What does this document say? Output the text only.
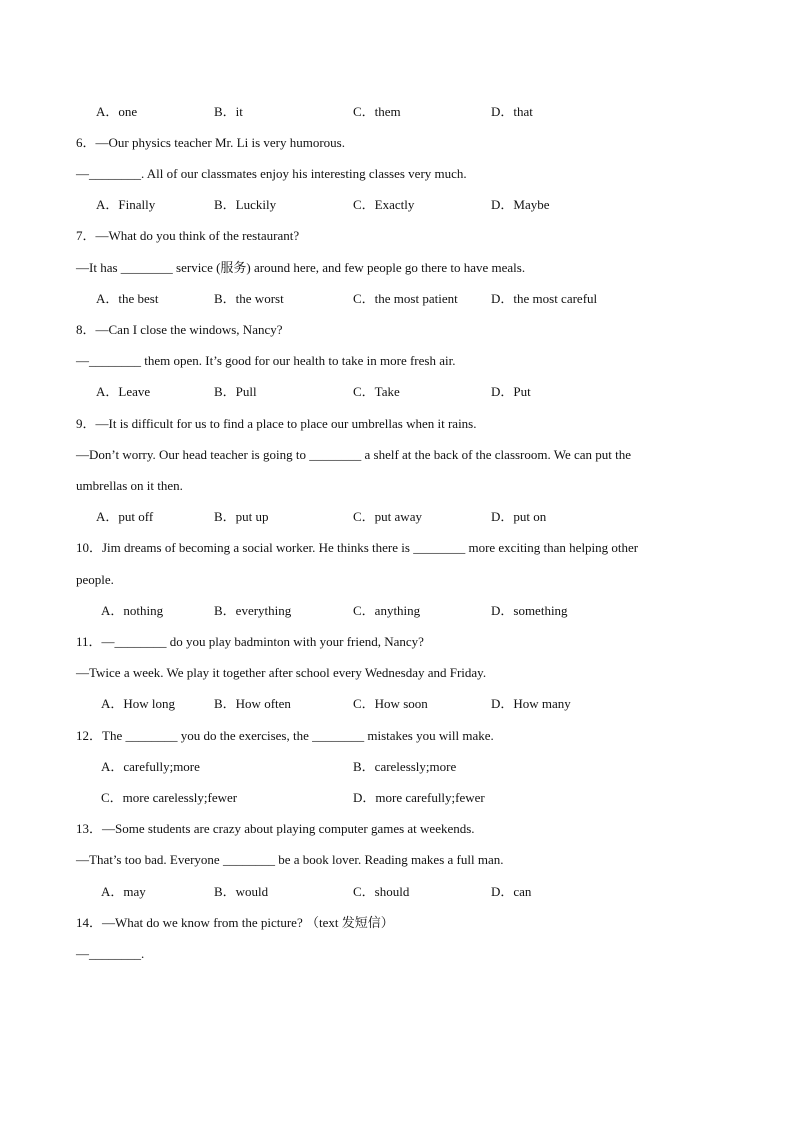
A．one	B．it	C．them	D．that
6．—Our physics teacher Mr. Li is very humorous.
—________. All of our classmates enjoy his interesting classes very much.
A．Finally	B．Luckily	C．Exactly	D．Maybe
7．—What do you think of the restaurant?
—It has ________ service (服务) around here, and few people go there to have meals.
A．the best	B．the worst	C．the most patient	D．the most careful
8．—Can I close the windows, Nancy?
—________ them open. It’s good for our health to take in more fresh air.
A．Leave	B．Pull	C．Take	D．Put
9．—It is difficult for us to find a place to place our umbrellas when it rains.
—Don’t worry. Our head teacher is going to ________ a shelf at the back of the classroom. We can put the
umbrellas on it then.
A．put off	B．put up	C．put away	D．put on
10．Jim dreams of becoming a social worker. He thinks there is ________ more exciting than helping other
people.
A．nothing	B．everything	C．anything	D．something
11．—________ do you play badminton with your friend, Nancy?
—Twice a week. We play it together after school every Wednesday and Friday.
A．How long	B．How often	C．How soon	D．How many
12．The ________ you do the exercises, the ________ mistakes you will make.
A．carefully;more	B．carelessly;more
C．more carelessly;fewer	D．more carefully;fewer
13．—Some students are crazy about playing computer games at weekends.
—That’s too bad. Everyone ________ be a book lover. Reading makes a full man.
A．may	B．would	C．should	D．can
14．—What do we know from the picture? （text 发短信）
—________.
